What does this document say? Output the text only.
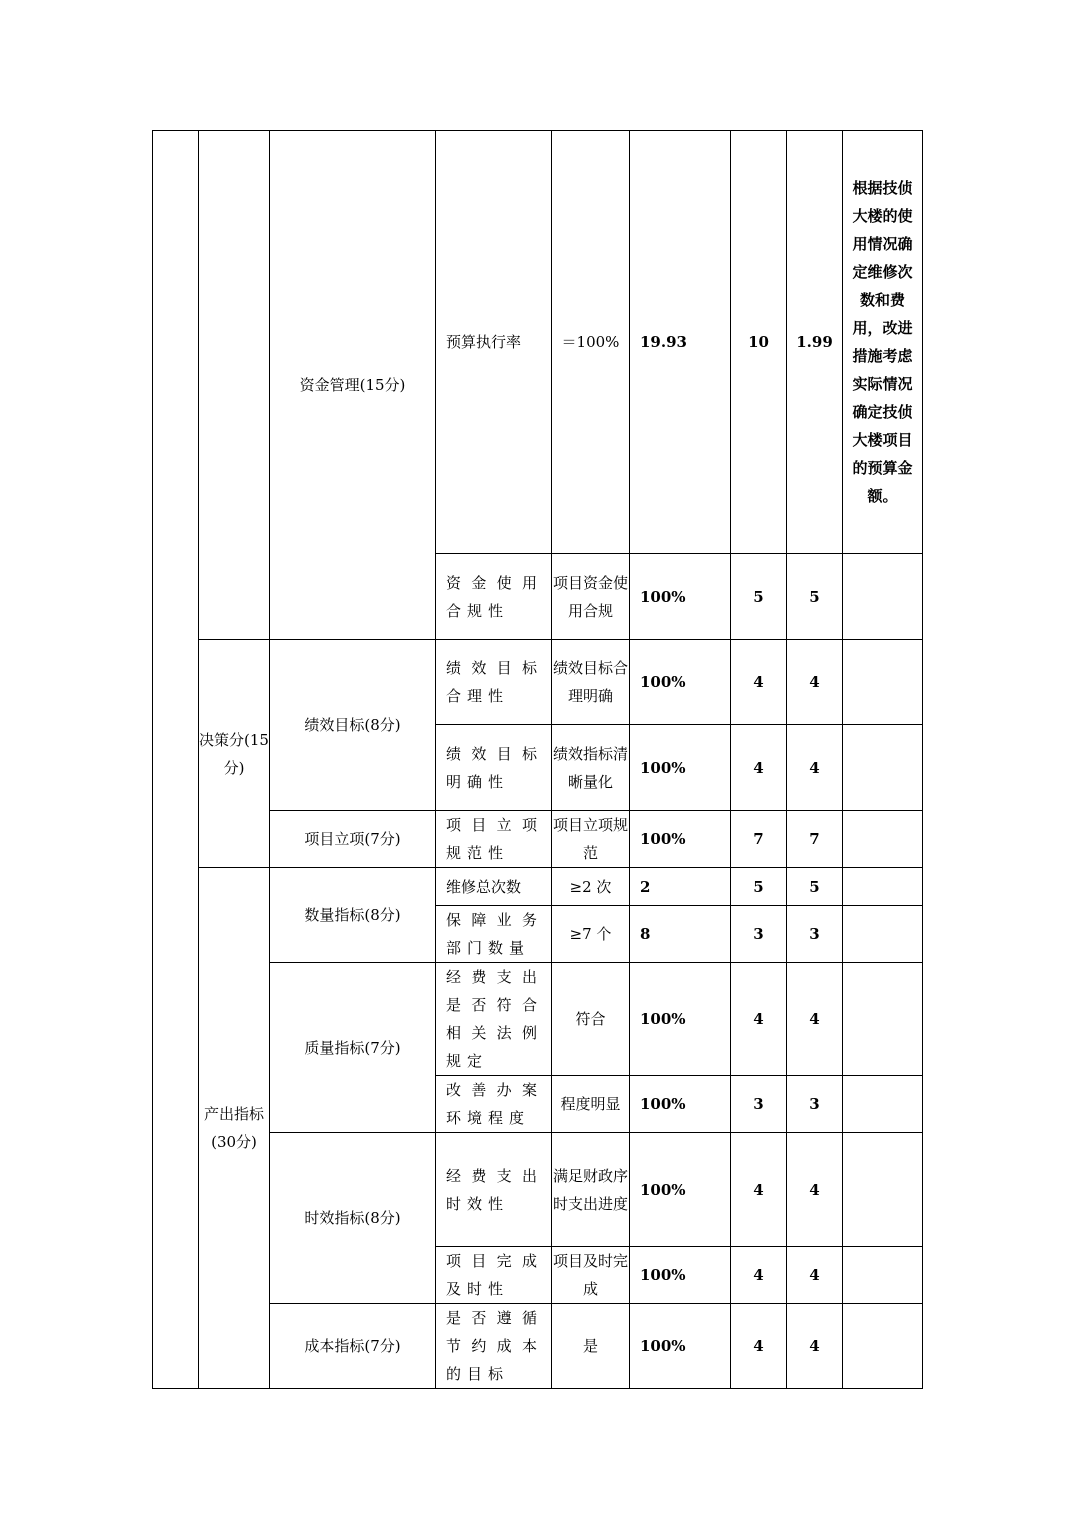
		资金管理(15分)	预算执行率	＝100%	19.93	10	1.99	根据技侦大楼的使用情况确定维修次数和费用，改进措施考虑实际情况确定技侦大楼项目的预算金额。
			资金使用合规性	项目资金使用合规	100%	5	5	
	决策分(15分)	绩效目标(8分)	绩效目标合理性	绩效目标合理明确	100%	4	4	
			绩效目标明确性	绩效指标清晰量化	100%	4	4	
		项目立项(7分)	项目立项规范性	项目立项规范	100%	7	7	
	产出指标(30分)	数量指标(8分)	维修总次数	≥2 次	2	5	5	
			保障业务部门数量	≥7 个	8	3	3	
		质量指标(7分)	经费支出是否符合相关法例规定	符合	100%	4	4	
			改善办案环境程度	程度明显	100%	3	3	
		时效指标(8分)	经费支出时效性	满足财政序时支出进度	100%	4	4	
			项目完成及时性	项目及时完成	100%	4	4	
		成本指标(7分)	是否遵循节约成本的目标	是	100%	4	4	
